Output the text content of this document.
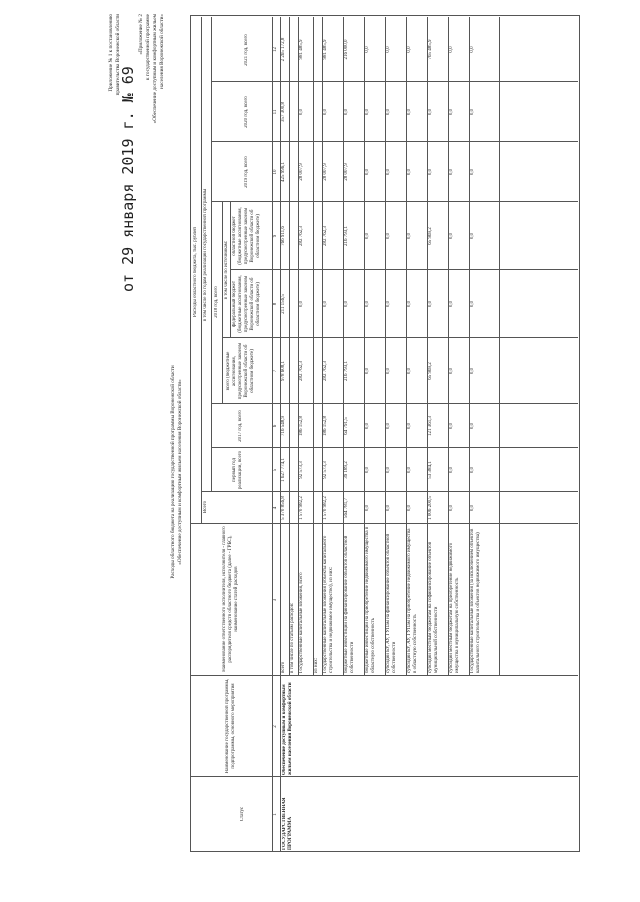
Приложение № 1 к постановлению правительства Воронежской области
от 29 января 2019 г. № 69
«Приложение № 2 к государственной программе «Обеспечение доступным и комфортным жильем населения Воронежской области»
Расходы областного бюджета на реализацию государственной программы Воронежской области «Обеспечение доступным и комфортным жильем населения Воронежской области»
Статус
Наименование государственной программы, подпрограммы, основного мероприятия
Наименование ответственного исполнителя, исполнителя - главного распорядителя средств областного бюджета (далее - ГРБС), наименование статей расходов
Расходы областного бюджета, тыс. рублей
Всего
в том числе по годам реализации государственной программы
первый год реализации, всего
2017 год, всего
2018 год, всего
всего (бюджетные ассигнования, предусмотренные законом Воронежской области об областном бюджете)
в том числе по источникам:
федеральный бюджет (бюджетные ассигнования, предусмотренные законом Воронежской области об областном бюджете)
областной бюджет (бюджетные ассигнования, предусмотренные законом Воронежской области об областном бюджете)
2019 год, всего
2020 год, всего
2021 год, всего
1
2
3
4
5
6
7
8
9
10
11
12
ГОСУДАРСТВЕННАЯ ПРОГРАММА
Обеспечение доступным и комфортным жильем населения Воронежской области
всего
5 370 856,8
1 627 774,1
716 548,9
978 608,1
211 156,5
766 911,6
425 996,1
357 300,8
2 265 172,8
в том числе по статьям расходов: Государственные капитальные вложения, всего
1 570 982,2
92 573,3
186 152,8
282 762,3
0,0
282 762,3
28 007,9
0,0
981 485,9
из них: Государственные капитальные вложения (объекты капитального строительства и недвижимое имущество), из них:
1 570 982,2
92 573,3
186 152,8
282 762,3
0,0
282 762,3
28 007,9
0,0
981 485,9
бюджетные инвестиции на финансирование объектов областной собственности
564 781,7
39 189,2
64 791,5
216 793,1
0,0
216 793,1
28 007,9
0,0
216 000,0
бюджетные инвестиции на приобретение недвижимого имущества в областную собственность
0,0
0,0
0,0
0,0
0,0
0,0
0,0
0,0
0,0
субсидии БУ, АУ, ГУПам на финансирование объектов областной собственности
0,0
0,0
0,0
0,0
0,0
0,0
0,0
0,0
0,0
субсидии БУ, АУ, ГУПам на приобретение недвижимого имущества в областную собственность
0,0
0,0
0,0
0,0
0,0
0,0
0,0
0,0
0,0
субсидии местным бюджетам на софинансирование объектов муниципальной собственности
1 006 200,5
53 384,1
121 361,3
65 969,2
0,0
65 969,2
0,0
0,0
765 485,9
субсидии местным бюджетам на приобретение недвижимого имущества в муниципальную собственность
0,0
0,0
0,0
0,0
0,0
0,0
0,0
0,0
0,0
Государственные капитальные вложения (за исключением объектов капитального строительства и объектов недвижимого имущества)
0,0
0,0
0,0
0,0
0,0
0,0
0,0
0,0
0,0
